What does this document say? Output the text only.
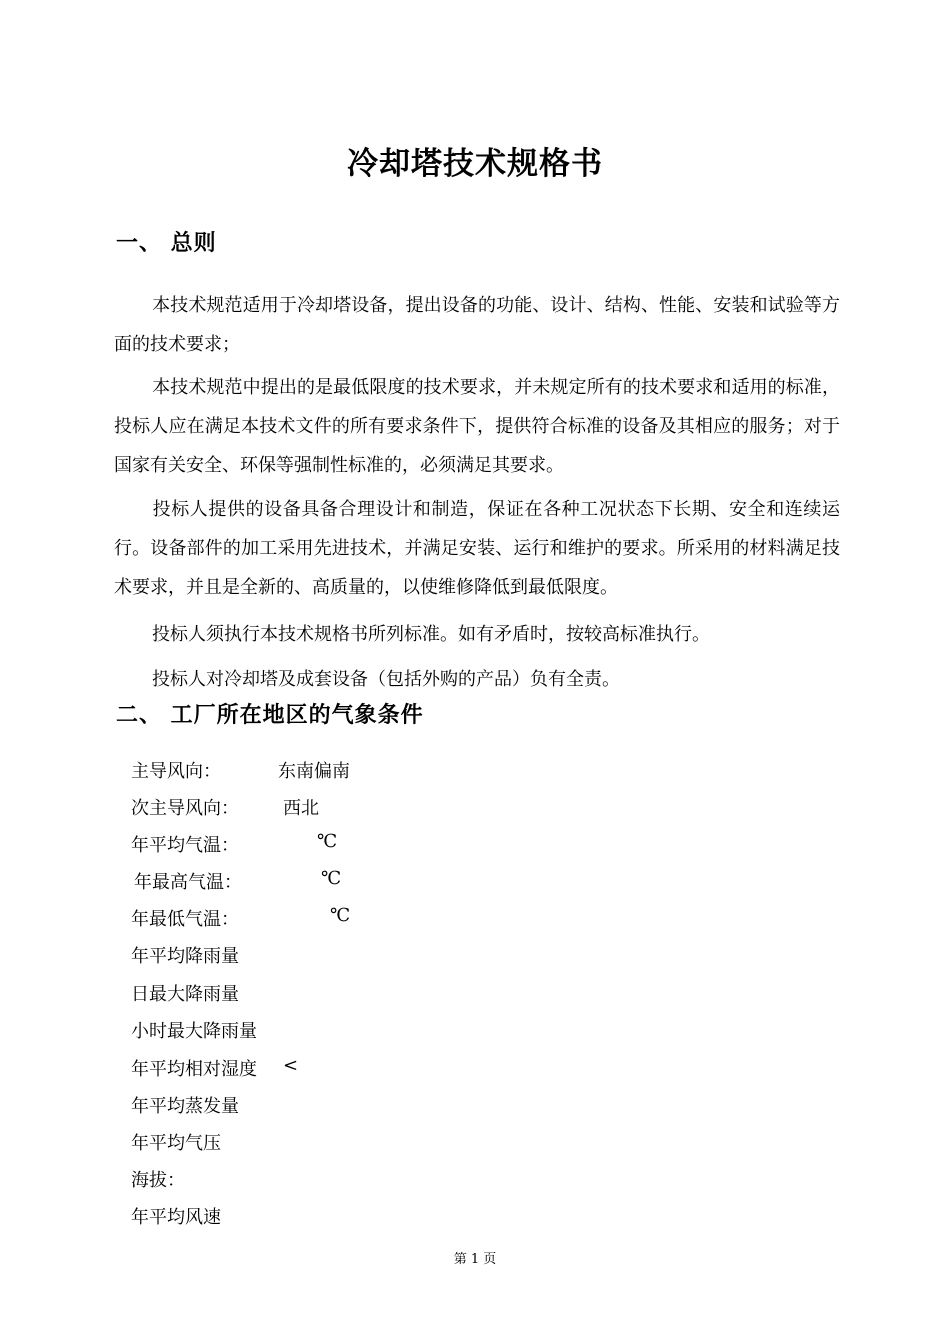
冷却塔技术规格书
一、 总则

本技术规范适用于冷却塔设备，提出设备的功能、设计、结构、性能、安装和试验等方面的技术要求；

本技术规范中提出的是最低限度的技术要求，并未规定所有的技术要求和适用的标准，投标人应在满足本技术文件的所有要求条件下，提供符合标准的设备及其相应的服务；对于国家有关安全、环保等强制性标准的，必须满足其要求。

投标人提供的设备具备合理设计和制造，保证在各种工况状态下长期、安全和连续运行。设备部件的加工采用先进技术，并满足安装、运行和维护的要求。所采用的材料满足技术要求，并且是全新的、高质量的，以使维修降低到最低限度。

投标人须执行本技术规格书所列标准。如有矛盾时，按较高标准执行。

投标人对冷却塔及成套设备（包括外购的产品）负有全责。

二、 工厂所在地区的气象条件
主导风向：	东南偏南
次主导风向： 西北
年平均气温：	℃
年最高气温：	℃
年最低气温：	℃
年平均降雨量
日最大降雨量
小时最大降雨量
年平均相对湿度 <
年平均蒸发量
年平均气压
海拔：
年平均风速
第 1 页
